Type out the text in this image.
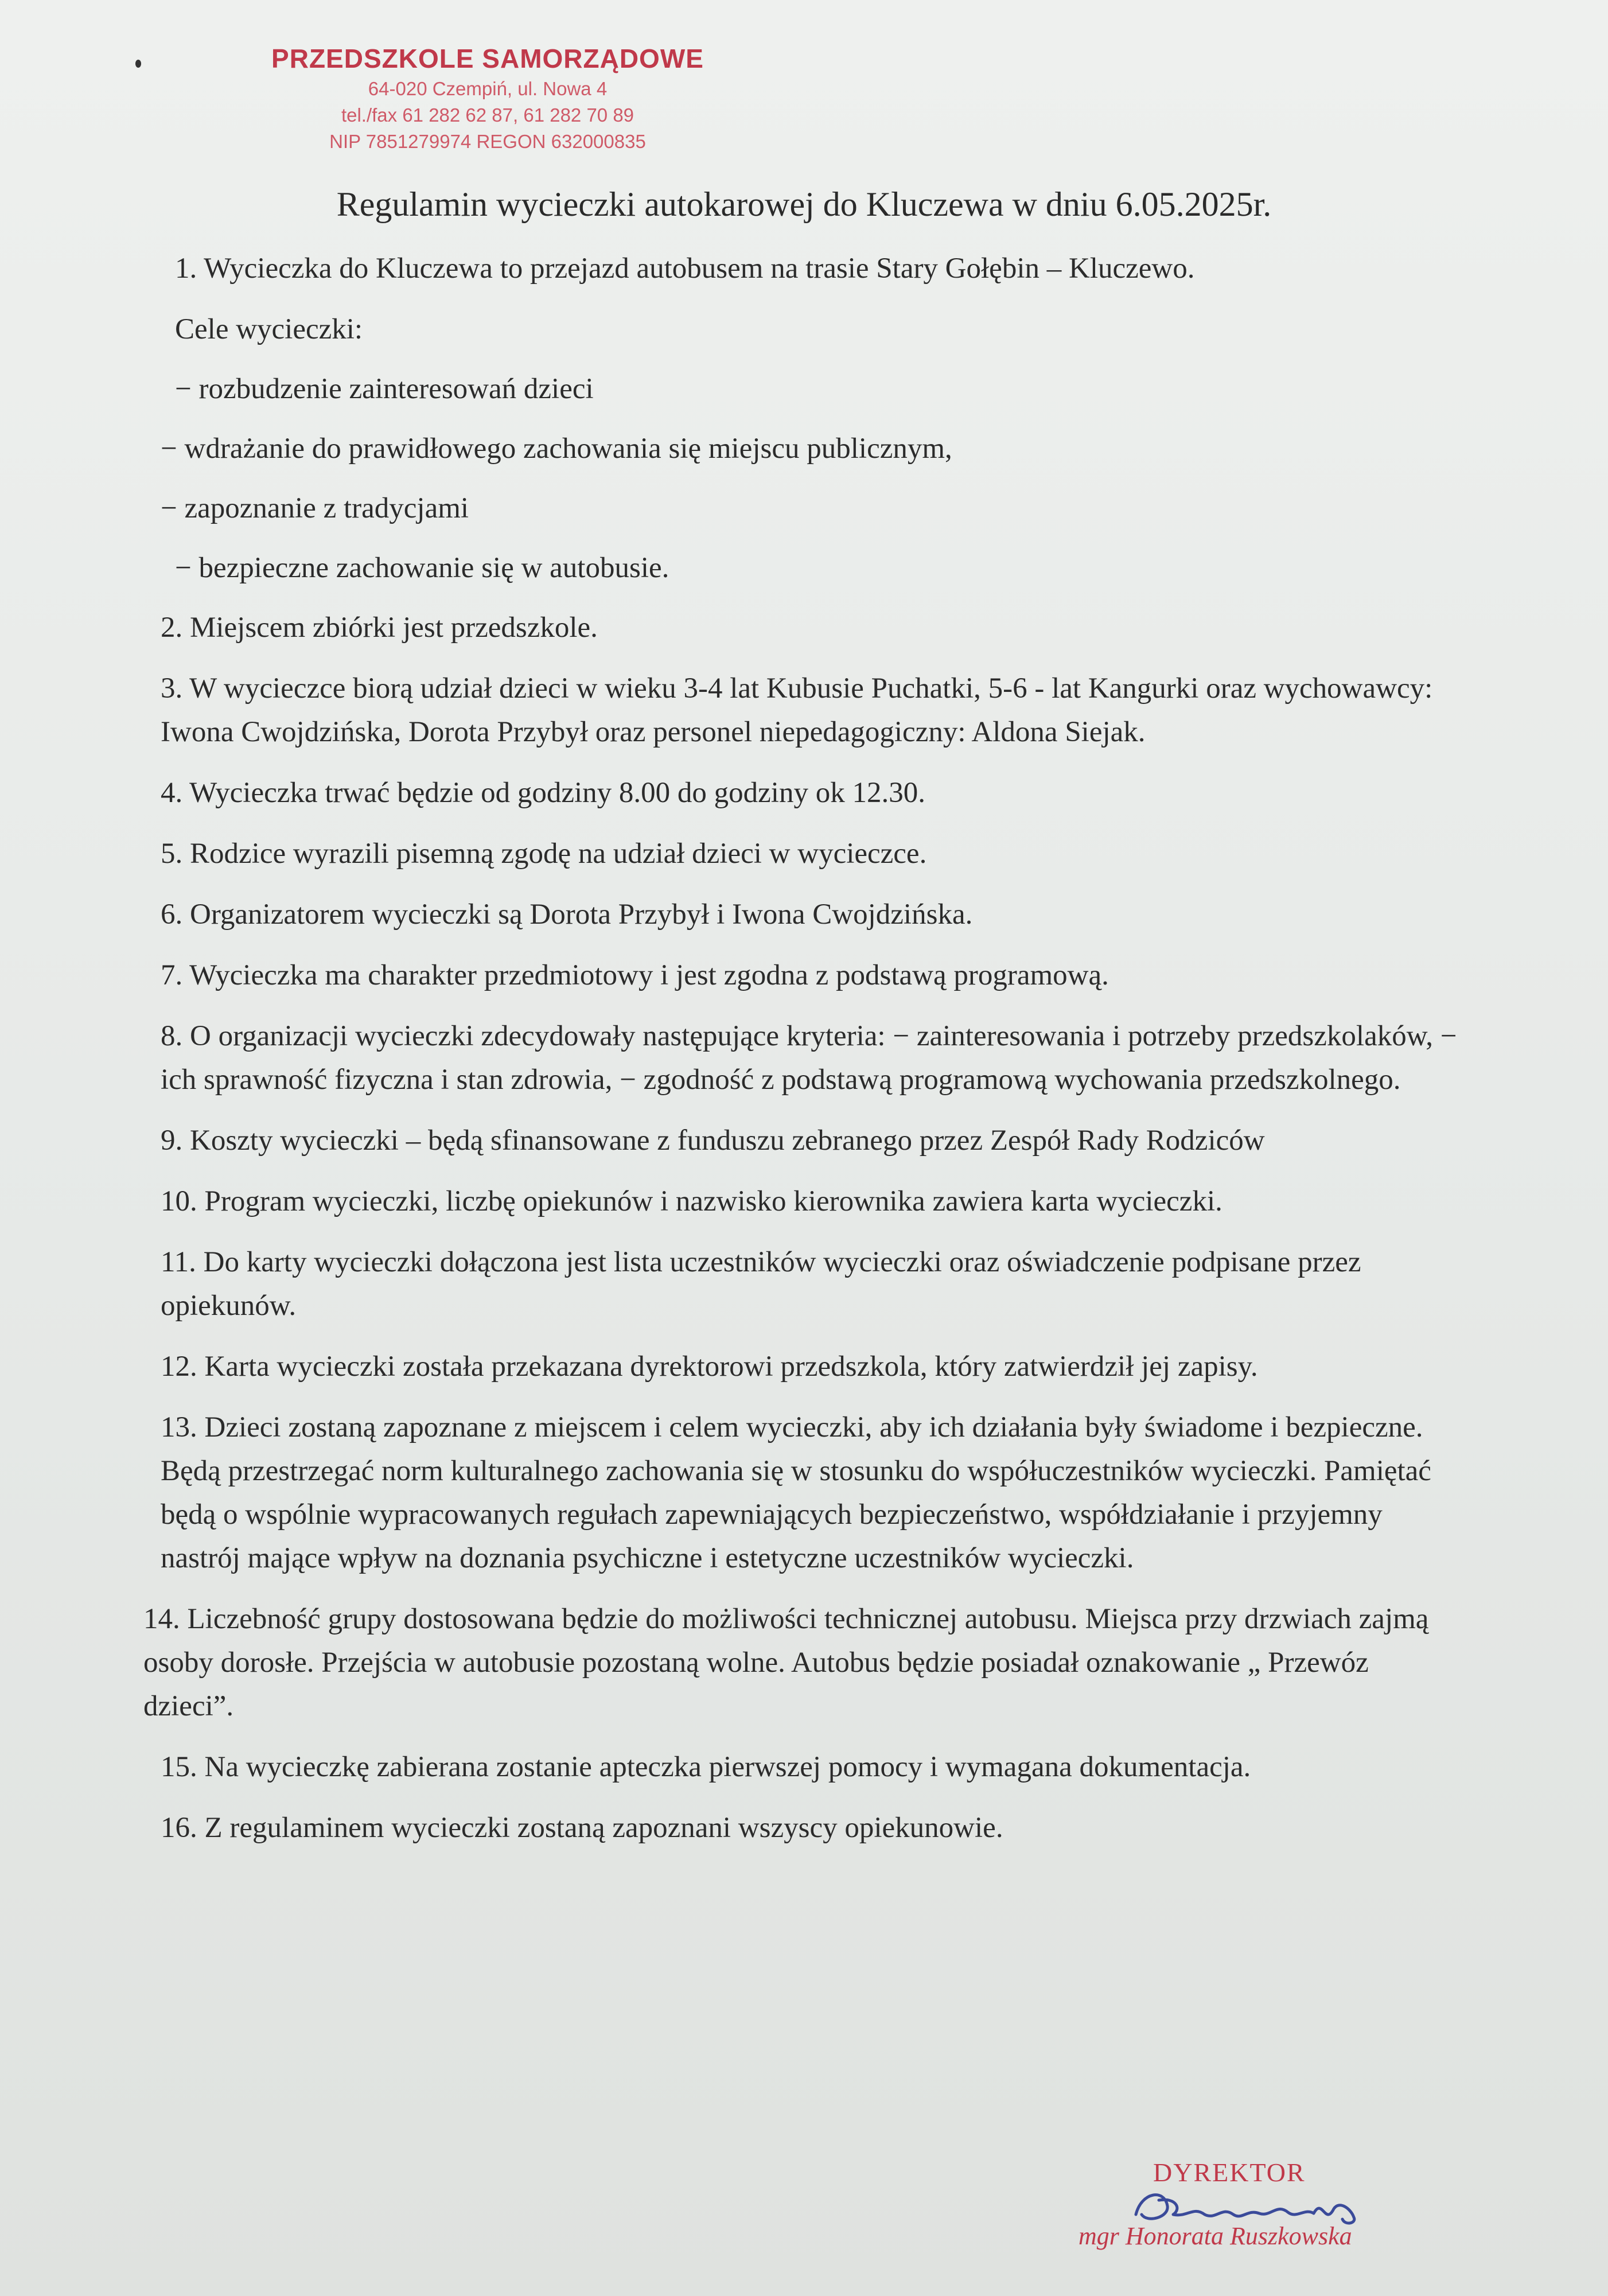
PRZEDSZKOLE SAMORZĄDOWE
64-020 Czempiń, ul. Nowa 4
tel./fax 61 282 62 87, 61 282 70 89
NIP 7851279974 REGON 632000835
Regulamin wycieczki autokarowej do Kluczewa w dniu 6.05.2025r.

1. Wycieczka do Kluczewa to przejazd autobusem na trasie Stary Gołębin – Kluczewo.

Cele wycieczki:

− rozbudzenie zainteresowań dzieci

− wdrażanie do prawidłowego zachowania się miejscu publicznym,

− zapoznanie z tradycjami

− bezpieczne zachowanie się w autobusie.

2. Miejscem zbiórki jest przedszkole.

3. W wycieczce biorą udział dzieci w wieku 3-4 lat Kubusie Puchatki, 5-6 - lat Kangurki oraz wychowawcy: Iwona Cwojdzińska, Dorota Przybył oraz personel niepedagogiczny: Aldona Siejak.

4. Wycieczka trwać będzie od godziny 8.00 do godziny ok 12.30.

5. Rodzice wyrazili pisemną zgodę na udział dzieci w wycieczce.

6. Organizatorem wycieczki są Dorota Przybył i Iwona Cwojdzińska.

7. Wycieczka ma charakter przedmiotowy i jest zgodna z podstawą programową.

8. O organizacji wycieczki zdecydowały następujące kryteria: − zainteresowania i potrzeby przedszkolaków, − ich sprawność fizyczna i stan zdrowia, − zgodność z podstawą programową wychowania przedszkolnego.

9. Koszty wycieczki – będą sfinansowane z funduszu zebranego przez Zespół Rady Rodziców

10. Program wycieczki, liczbę opiekunów i nazwisko kierownika zawiera karta wycieczki.

11. Do karty wycieczki dołączona jest lista uczestników wycieczki oraz oświadczenie podpisane przez opiekunów.

12. Karta wycieczki została przekazana dyrektorowi przedszkola, który zatwierdził jej zapisy.

13. Dzieci zostaną zapoznane z miejscem i celem wycieczki, aby ich działania były świadome i bezpieczne. Będą przestrzegać norm kulturalnego zachowania się w stosunku do współuczestników wycieczki. Pamiętać będą o wspólnie wypracowanych regułach zapewniających bezpieczeństwo, współdziałanie i przyjemny nastrój mające wpływ na doznania psychiczne i estetyczne uczestników wycieczki.

14. Liczebność grupy dostosowana będzie do możliwości technicznej autobusu. Miejsca przy drzwiach zajmą osoby dorosłe. Przejścia w autobusie pozostaną wolne. Autobus będzie posiadał oznakowanie „ Przewóz dzieci”.

15. Na wycieczkę zabierana zostanie apteczka pierwszej pomocy i wymagana dokumentacja.

16. Z regulaminem wycieczki zostaną zapoznani wszyscy opiekunowie.

DYREKTOR
mgr Honorata Ruszkowska
